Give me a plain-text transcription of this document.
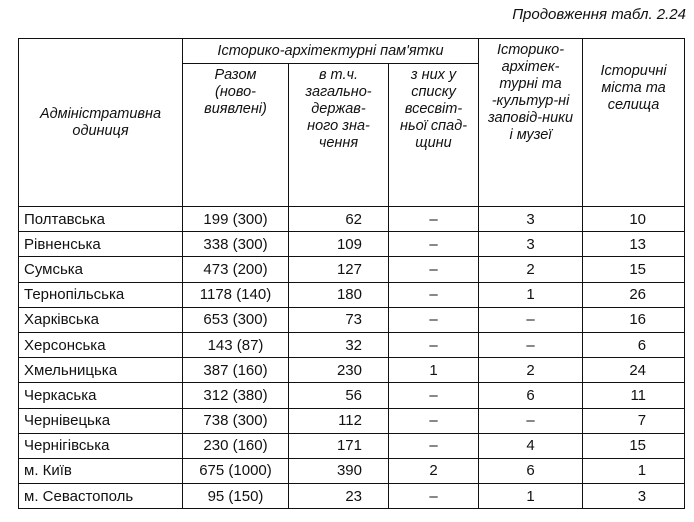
Продовження табл. 2.24
Адміністративна одиниця	Історико-архітектурні пам'ятки			Історико-архітек-турні та -культур-ні заповід-ники і музеї	Історичні міста та селища
	Разом (ново-виявлені)	в т.ч. загально-держав-ного зна-чення	з них у списку всесвіт-ньої спад-щини		
Полтавська	199 (300)	62	–	3	10
Рівненська	338 (300)	109	–	3	13
Сумська	473 (200)	127	–	2	15
Тернопільська	1178 (140)	180	–	1	26
Харківська	653 (300)	73	–	–	16
Херсонська	143 (87)	32	–	–	6
Хмельницька	387 (160)	230	1	2	24
Черкаська	312 (380)	56	–	6	11
Чернівецька	738 (300)	112	–	–	7
Чернігівська	230 (160)	171	–	4	15
м. Київ	675 (1000)	390	2	6	1
м. Севастополь	95 (150)	23	–	1	3
